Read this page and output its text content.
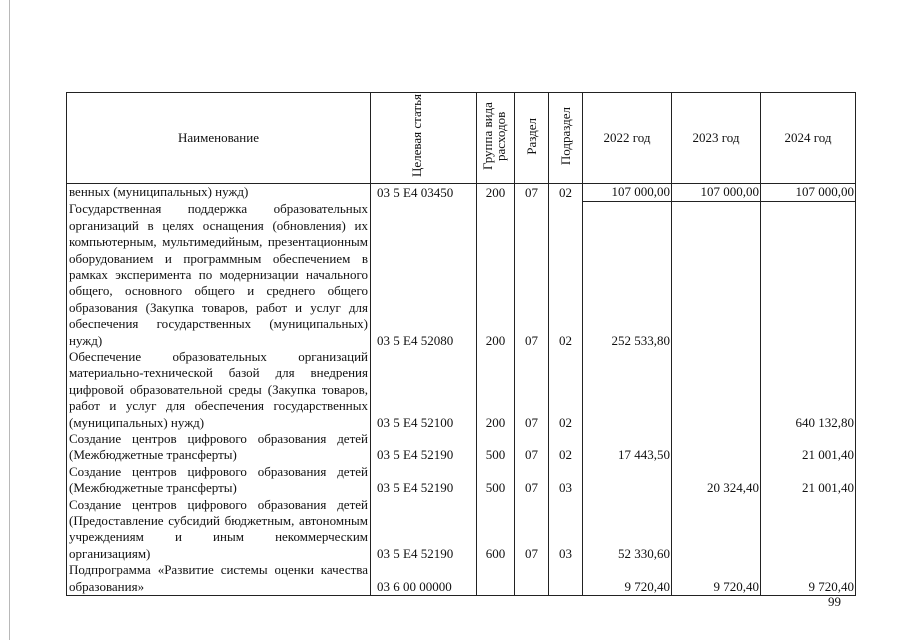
Наименование	Целевая статья	Группа вида расходов	Раздел	Подраздел	2022 год	2023 год	2024 год
венных (муниципальных) нужд)	03 5 Е4 03450	200	07	02	107 000,00	107 000,00	107 000,00
Государственная поддержка образовательных организаций в целях оснащения (обновления) их компьютерным, мультимедийным, презентационным оборудованием и программным обеспечением в рамках эксперимента по модернизации начального общего, основного общего и среднего общего образования (Закупка товаров, работ и услуг для обеспечения государственных (муниципальных) нужд)	03 5 Е4 52080	200	07	02	252 533,80		
Обеспечение образовательных организаций материально-технической базой для внедрения цифровой образовательной среды (Закупка товаров, работ и услуг для обеспечения государственных (муниципальных) нужд)	03 5 Е4 52100	200	07	02			640 132,80
Создание центров цифрового образования детей (Межбюджетные трансферты)	03 5 Е4 52190	500	07	02	17 443,50		21 001,40
Создание центров цифрового образования детей (Межбюджетные трансферты)	03 5 Е4 52190	500	07	03		20 324,40	21 001,40
Создание центров цифрового образования детей (Предоставление субсидий бюджетным, автономным учреждениям и иным некоммерческим организациям)	03 5 Е4 52190	600	07	03	52 330,60		
Подпрограмма «Развитие системы оценки качества образования»	03 6 00 00000				9 720,40	9 720,40	9 720,40
99
